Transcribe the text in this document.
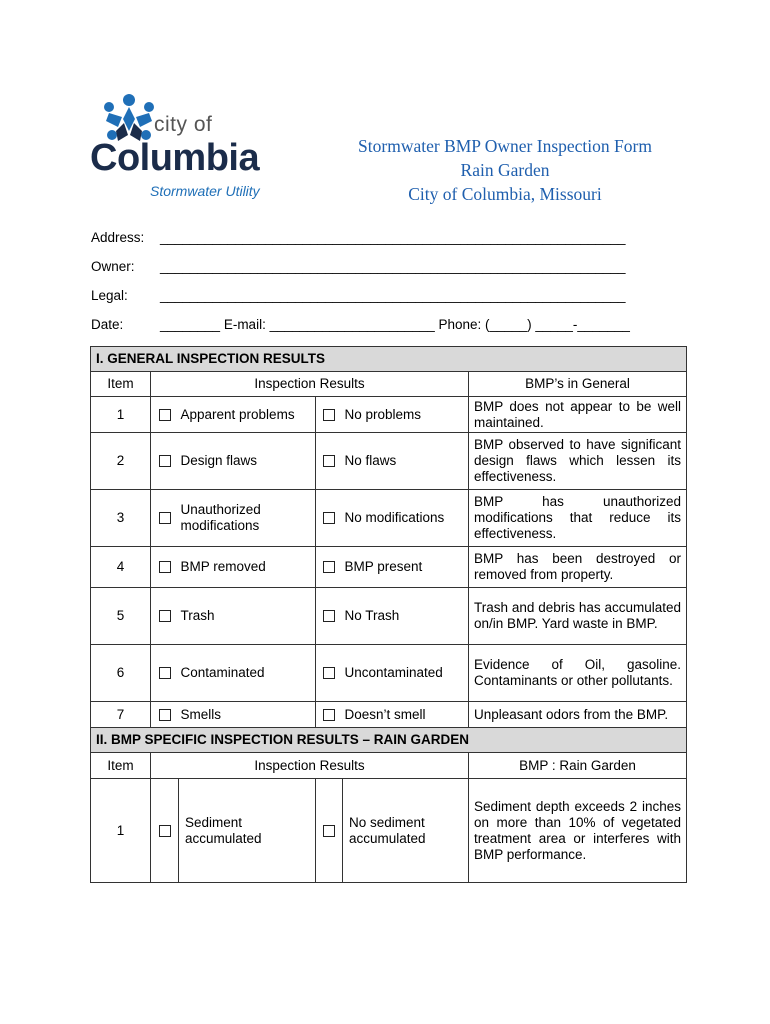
city of
Columbia
Stormwater Utility
Stormwater BMP Owner Inspection Form
Rain Garden
City of Columbia, Missouri
Address: ______________________________________________________________
Owner: ______________________________________________________________
Legal: ______________________________________________________________
Date:	________ E-mail: ______________________ Phone: (_____) _____-_______
I. GENERAL INSPECTION RESULTS					
Item	Inspection Results				BMP’s in General
1		Apparent problems		No problems	BMP does not appear to be well maintained.
2		Design flaws		No flaws	BMP observed to have significant design flaws which lessen its effectiveness.
3		Unauthorized modifications		No modifications	BMP has unauthorized modifications that reduce its effectiveness.
4		BMP removed		BMP present	BMP has been destroyed or removed from property.
5		Trash		No Trash	Trash and debris has accumulated on/in BMP. Yard waste in BMP.
6		Contaminated		Uncontaminated	Evidence of Oil, gasoline. Contaminants or other pollutants.
7		Smells		Doesn’t smell	Unpleasant odors from the BMP.
II. BMP SPECIFIC INSPECTION RESULTS – RAIN GARDEN					
Item	Inspection Results				BMP : Rain Garden
1		Sediment accumulated		No sediment accumulated	Sediment depth exceeds 2 inches on more than 10% of vegetated treatment area or interferes with BMP performance.
